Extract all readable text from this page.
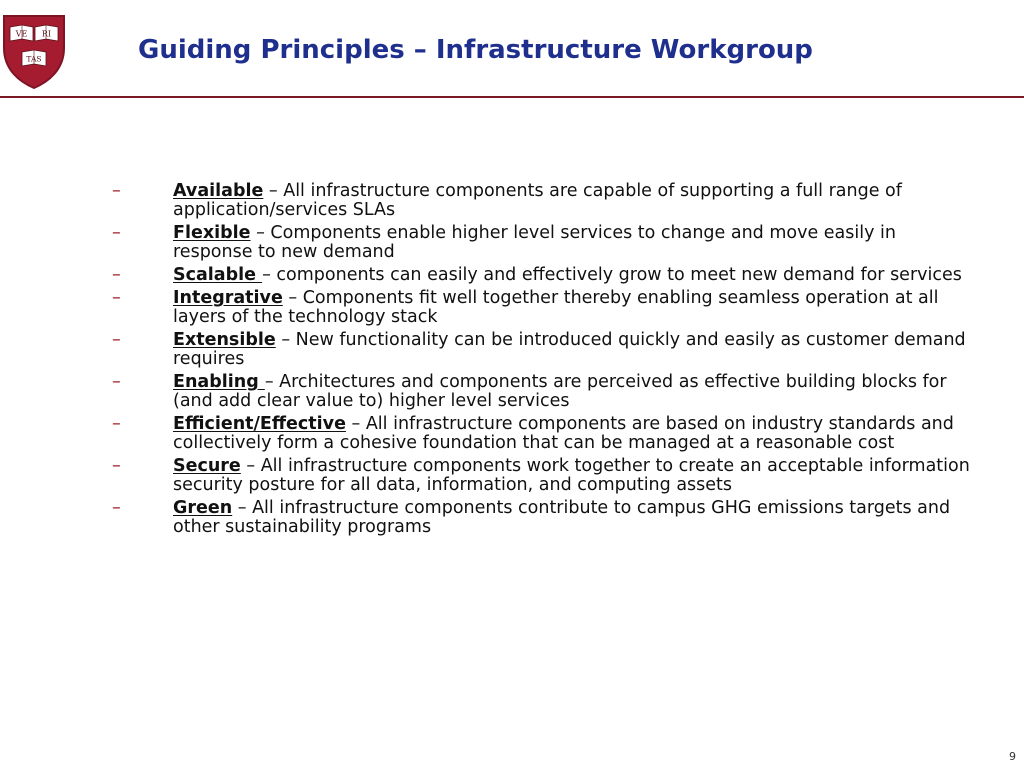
VE RI
TAS	Guiding Principles – Infrastructure Workgroup
–	Available – All infrastructure components are capable of supporting a full range of application/services SLAs
–	Flexible – Components enable higher level services to change and move easily in response to new demand
–	Scalable – components can easily and effectively grow to meet new demand for services
–	Integrative – Components fit well together thereby enabling seamless operation at all layers of the technology stack
–	Extensible – New functionality can be introduced quickly and easily as customer demand requires
–	Enabling – Architectures and components are perceived as effective building blocks for (and add clear value to) higher level services
–	Efficient/Effective – All infrastructure components are based on industry standards and collectively form a cohesive foundation that can be managed at a reasonable cost
–	Secure – All infrastructure components work together to create an acceptable information security posture for all data, information, and computing assets
–	Green – All infrastructure components contribute to campus GHG emissions targets and other sustainability programs
9
